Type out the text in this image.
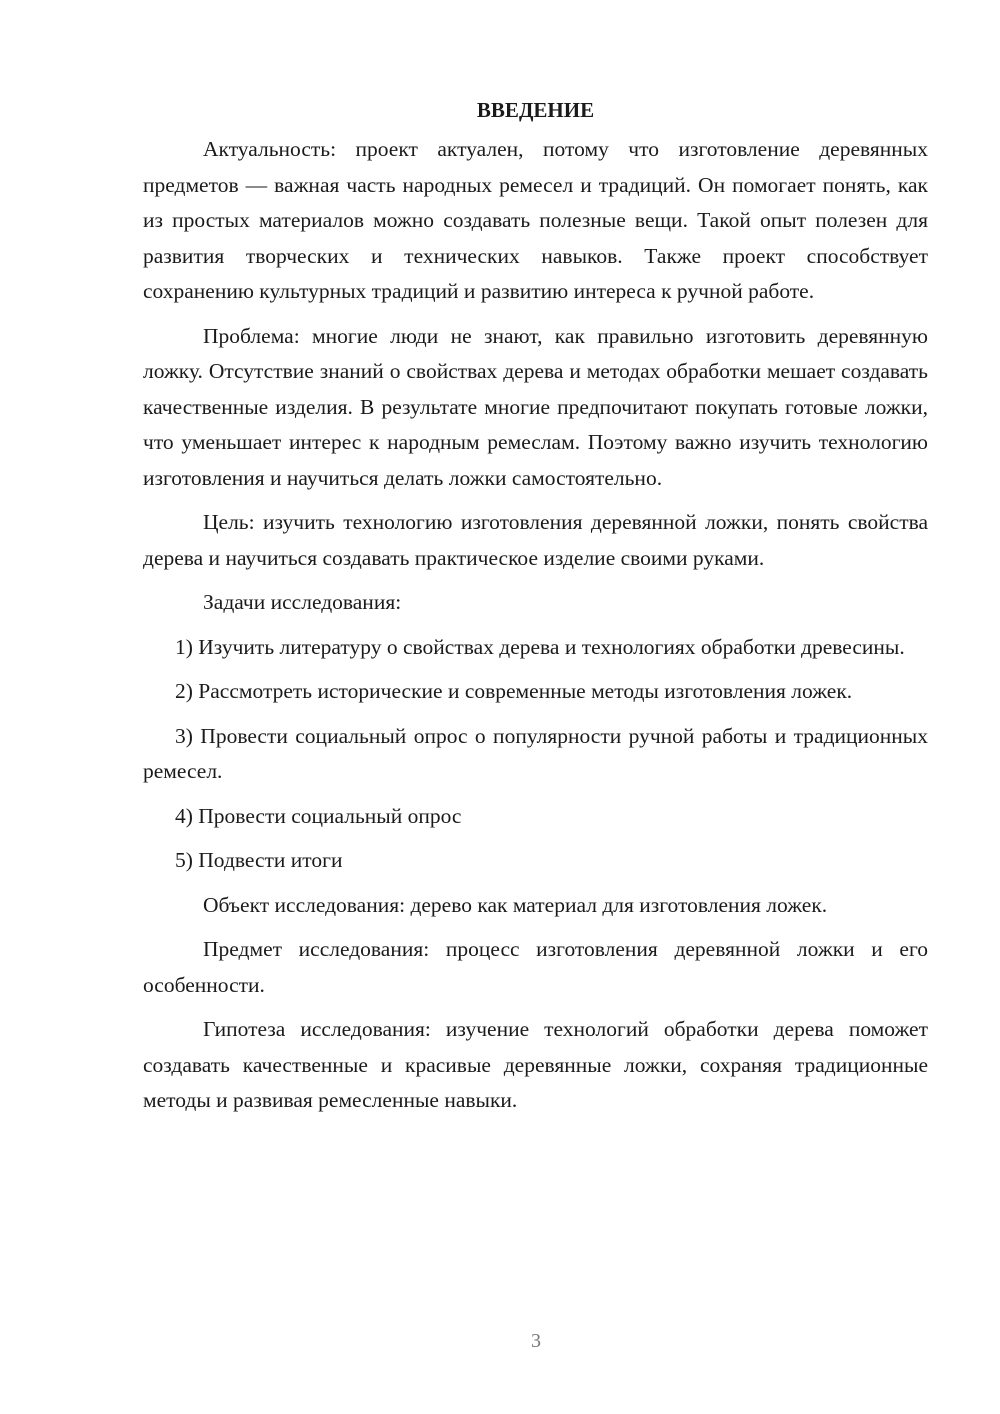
ВВЕДЕНИЕ

Актуальность: проект актуален, потому что изготовление деревянных предметов — важная часть народных ремесел и традиций. Он помогает понять, как из простых материалов можно создавать полезные вещи. Такой опыт полезен для развития творческих и технических навыков. Также проект способствует сохранению культурных традиций и развитию интереса к ручной работе.

Проблема: многие люди не знают, как правильно изготовить деревянную ложку. Отсутствие знаний о свойствах дерева и методах обработки мешает создавать качественные изделия. В результате многие предпочитают покупать готовые ложки, что уменьшает интерес к народным ремеслам. Поэтому важно изучить технологию изготовления и научиться делать ложки самостоятельно.

Цель: изучить технологию изготовления деревянной ложки, понять свойства дерева и научиться создавать практическое изделие своими руками.

Задачи исследования:

1) Изучить литературу о свойствах дерева и технологиях обработки древесины.

2) Рассмотреть исторические и современные методы изготовления ложек.

3) Провести социальный опрос о популярности ручной работы и традиционных ремесел.

4) Провести социальный опрос

5) Подвести итоги

Объект исследования: дерево как материал для изготовления ложек.

Предмет исследования: процесс изготовления деревянной ложки и его особенности.

Гипотеза исследования: изучение технологий обработки дерева поможет создавать качественные и красивые деревянные ложки, сохраняя традиционные методы и развивая ремесленные навыки.

3
